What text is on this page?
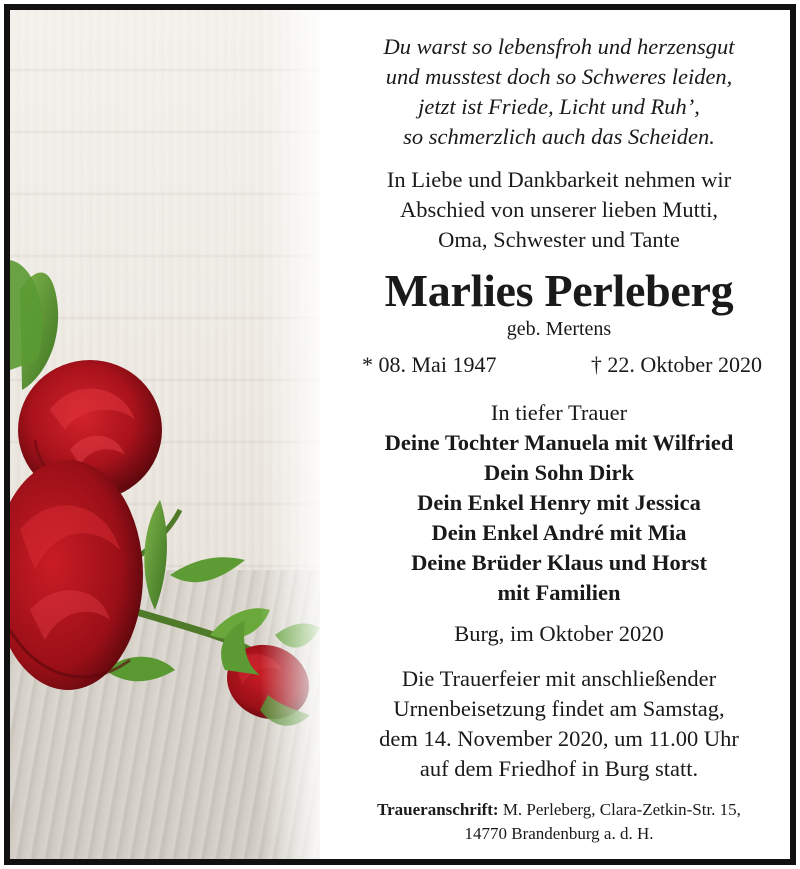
Du warst so lebensfroh und herzensgut
und musstest doch so Schweres leiden,
jetzt ist Friede, Licht und Ruh’,
so schmerzlich auch das Scheiden.
In Liebe und Dankbarkeit nehmen wir
Abschied von unserer lieben Mutti,
Oma, Schwester und Tante
Marlies Perleberg
geb. Mertens
* 08. Mai 1947	† 22. Oktober 2020
In tiefer Trauer
Deine Tochter Manuela mit Wilfried
Dein Sohn Dirk
Dein Enkel Henry mit Jessica
Dein Enkel André mit Mia
Deine Brüder Klaus und Horst
mit Familien
Burg, im Oktober 2020
Die Trauerfeier mit anschließender
Urnenbeisetzung findet am Samstag,
dem 14. November 2020, um 11.00 Uhr
auf dem Friedhof in Burg statt.
Traueranschrift: M. Perleberg, Clara-Zetkin-Str. 15,
14770 Brandenburg a. d. H.
